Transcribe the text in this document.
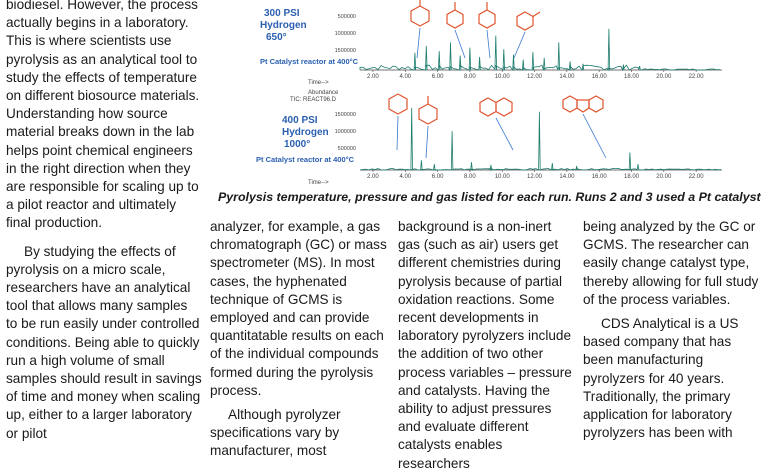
biodiesel. However, the process actually begins in a laboratory. This is where scientists use pyrolysis as an analytical tool to study the effects of temperature on different biosource materials. Understanding how source material breaks down in the lab helps point chemical engineers in the right direction when they are responsible for scaling up to a pilot reactor and ultimately final production.

By studying the effects of pyrolysis on a micro scale, researchers have an analytical tool that allows many samples to be run easily under controlled conditions. Being able to quickly run a high volume of small samples should result in savings of time and money when scaling up, either to a larger laboratory or pilot

300 PSI
Hydrogen
650°
Pt Catalyst reactor at 400°C
500000
1000000
1500000
Time-->
2.00	4.00	6.00	8.00	10.00	12.00	14.00	16.00	18.00	20.00	22.00
Abundance
TIC: REACT96.D
400 PSI
Hydrogen
1000°
Pt Catalyst reactor at 400°C
500000
1000000
1500000
Time-->
2.00	4.00	6.00	8.00	10.00	12.00	14.00	16.00	18.00	20.00	22.00
Pyrolysis temperature, pressure and gas listed for each run. Runs 2 and 3 used a Pt catalyst

analyzer, for example, a gas chromatograph (GC) or mass spectrometer (MS). In most cases, the hyphenated technique of GCMS is employed and can provide quantitatable results on each of the individual compounds formed during the pyrolysis process.

Although pyrolyzer specifications vary by manufacturer, most

background is a non-inert gas (such as air) users get different chemistries during pyrolysis because of partial oxidation reactions. Some recent developments in laboratory pyrolyzers include the addition of two other process variables – pressure and catalysts. Having the ability to adjust pressures and evaluate different catalysts enables researchers

being analyzed by the GC or GCMS. The researcher can easily change catalyst type, thereby allowing for full study of the process variables.

CDS Analytical is a US based company that has been manufacturing pyrolyzers for 40 years. Traditionally, the primary application for laboratory pyrolyzers has been with
